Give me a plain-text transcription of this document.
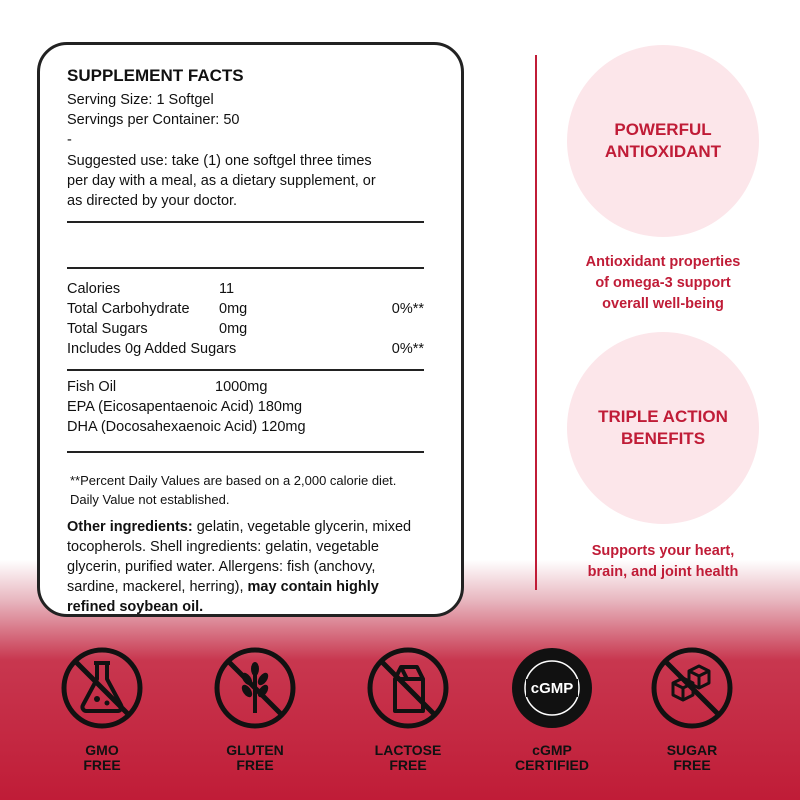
SUPPLEMENT FACTS
Serving Size: 1 Softgel
Servings per Container: 50
-
Suggested use: take (1) one softgel three times
per day with a meal, as a dietary supplement, or
as directed by your doctor.
Calories	11
Total Carbohydrate 0mg	0%**
Total Sugars	0mg
Includes 0g Added Sugars	0%**
Fish Oil	1000mg
EPA (Eicosapentaenoic Acid) 180mg
DHA (Docosahexaenoic Acid) 120mg
**Percent Daily Values are based on a 2,000 calorie diet.
Daily Value not established.
Other ingredients: gelatin, vegetable glycerin, mixed
tocopherols. Shell ingredients: gelatin, vegetable
glycerin, purified water. Allergens: fish (anchovy,
sardine, mackerel, herring), may contain highly
refined soybean oil.
POWERFUL ANTIOXIDANT
Antioxidant properties
of omega-3 support
overall well-being
TRIPLE ACTION BENEFITS
Supports your heart,
brain, and joint health
GMO
FREE
GLUTEN
FREE
LACTOSE
FREE
cGMP
cGMP
CERTIFIED
SUGAR
FREE
